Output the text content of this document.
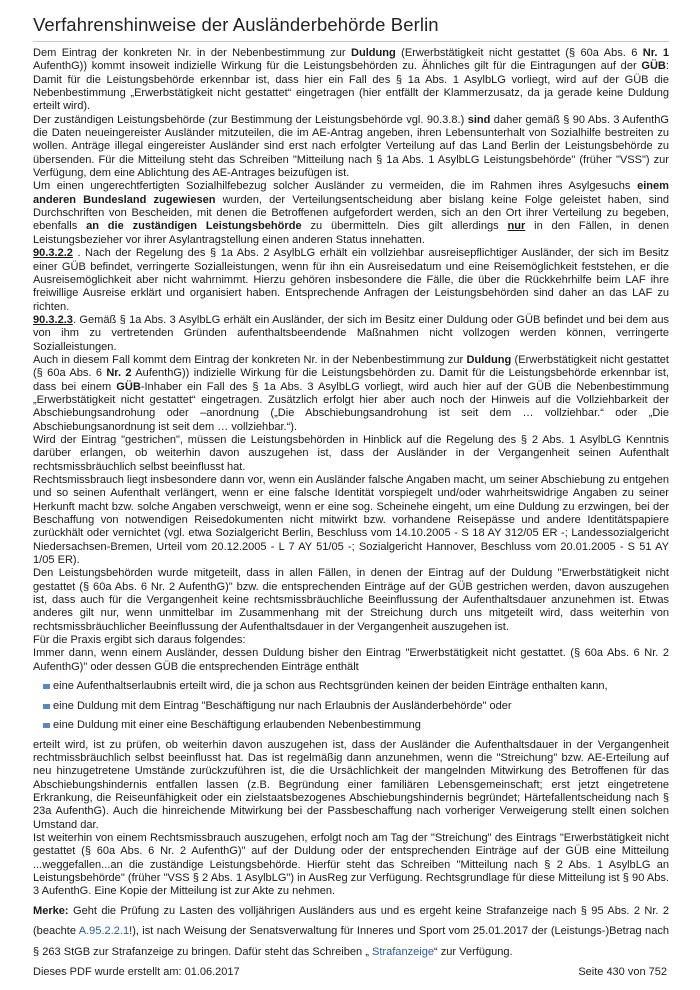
Verfahrenshinweise der Ausländerbehörde Berlin

Dem Eintrag der konkreten Nr. in der Nebenbestimmung zur Duldung (Erwerbstätigkeit nicht gestattet (§ 60a Abs. 6 Nr. 1 AufenthG)) kommt insoweit indizielle Wirkung für die Leistungsbehörden zu. Ähnliches gilt für die Eintragungen auf der GÜB: Damit für die Leistungsbehörde erkennbar ist, dass hier ein Fall des § 1a Abs. 1 AsylbLG vorliegt, wird auf der GÜB die Nebenbestimmung „Erwerbstätigkeit nicht gestattet“ eingetragen (hier entfällt der Klammerzusatz, da ja gerade keine Duldung erteilt wird).

Der zuständigen Leistungsbehörde (zur Bestimmung der Leistungsbehörde vgl. 90.3.8.) sind daher gemäß § 90 Abs. 3 AufenthG die Daten neueingereister Ausländer mitzuteilen, die im AE-Antrag angeben, ihren Lebensunterhalt von Sozialhilfe bestreiten zu wollen. Anträge illegal eingereister Ausländer sind erst nach erfolgter Verteilung auf das Land Berlin der Leistungsbehörde zu übersenden. Für die Mitteilung steht das Schreiben "Mitteilung nach § 1a Abs. 1 AsylbLG Leistungsbehörde" (früher "VSS") zur Verfügung, dem eine Ablichtung des AE-Antrages beizufügen ist.

Um einen ungerechtfertigten Sozialhilfebezug solcher Ausländer zu vermeiden, die im Rahmen ihres Asylgesuchs einem anderen Bundesland zugewiesen wurden, der Verteilungsentscheidung aber bislang keine Folge geleistet haben, sind Durchschriften von Bescheiden, mit denen die Betroffenen aufgefordert werden, sich an den Ort ihrer Verteilung zu begeben, ebenfalls an die zuständigen Leistungsbehörde zu übermitteln. Dies gilt allerdings nur in den Fällen, in denen Leistungsbezieher vor ihrer Asylantragstellung einen anderen Status innehatten.

90.3.2.2 . Nach der Regelung des § 1a Abs. 2 AsylbLG erhält ein vollziehbar ausreisepflichtiger Ausländer, der sich im Besitz einer GÜB befindet, verringerte Sozialleistungen, wenn für ihn ein Ausreisedatum und eine Reisemöglichkeit feststehen, er die Ausreisemöglichkeit aber nicht wahrnimmt. Hierzu gehören insbesondere die Fälle, die über die Rückkehrhilfe beim LAF ihre freiwillige Ausreise erklärt und organisiert haben. Entsprechende Anfragen der Leistungsbehörden sind daher an das LAF zu richten.

90.3.2.3. Gemäß § 1a Abs. 3 AsylbLG erhält ein Ausländer, der sich im Besitz einer Duldung oder GÜB befindet und bei dem aus von ihm zu vertretenden Gründen aufenthaltsbeendende Maßnahmen nicht vollzogen werden können, verringerte Sozialleistungen.

Auch in diesem Fall kommt dem Eintrag der konkreten Nr. in der Nebenbestimmung zur Duldung (Erwerbstätigkeit nicht gestattet (§ 60a Abs. 6 Nr. 2 AufenthG)) indizielle Wirkung für die Leistungsbehörden zu. Damit für die Leistungsbehörde erkennbar ist, dass bei einem GÜB-Inhaber ein Fall des § 1a Abs. 3 AsylbLG vorliegt, wird auch hier auf der GÜB die Nebenbestimmung „Erwerbstätigkeit nicht gestattet“ eingetragen. Zusätzlich erfolgt hier aber auch noch der Hinweis auf die Vollziehbarkeit der Abschiebungsandrohung oder –anordnung („Die Abschiebungsandrohung ist seit dem … vollziehbar.“ oder „Die Abschiebungsanordnung ist seit dem … vollziehbar.“).

Wird der Eintrag "gestrichen", müssen die Leistungsbehörden in Hinblick auf die Regelung des § 2 Abs. 1 AsylbLG Kenntnis darüber erlangen, ob weiterhin davon auszugehen ist, dass der Ausländer in der Vergangenheit seinen Aufenthalt rechtsmissbräuchlich selbst beeinflusst hat.

Rechtsmissbrauch liegt insbesondere dann vor, wenn ein Ausländer falsche Angaben macht, um seiner Abschiebung zu entgehen und so seinen Aufenthalt verlängert, wenn er eine falsche Identität vorspiegelt und/oder wahrheitswidrige Angaben zu seiner Herkunft macht bzw. solche Angaben verschweigt, wenn er eine sog. Scheinehe eingeht, um eine Duldung zu erzwingen, bei der Beschaffung von notwendigen Reisedokumenten nicht mitwirkt bzw. vorhandene Reisepässe und andere Identitätspapiere zurückhält oder vernichtet (vgl. etwa Sozialgericht Berlin, Beschluss vom 14.10.2005 - S 18 AY 312/05 ER -; Landessozialgericht Niedersachsen-Bremen, Urteil vom 20.12.2005 - L 7 AY 51/05 -; Sozialgericht Hannover, Beschluss vom 20.01.2005 - S 51 AY 1/05 ER).

Den Leistungsbehörden wurde mitgeteilt, dass in allen Fällen, in denen der Eintrag auf der Duldung "Erwerbstätigkeit nicht gestattet (§ 60a Abs. 6 Nr. 2 AufenthG)" bzw. die entsprechenden Einträge auf der GÜB gestrichen werden, davon auszugehen ist, dass auch für die Vergangenheit keine rechtsmissbräuchliche Beeinflussung der Aufenthaltsdauer anzunehmen ist. Etwas anderes gilt nur, wenn unmittelbar im Zusammenhang mit der Streichung durch uns mitgeteilt wird, dass weiterhin von rechtsmissbräuchlicher Beeinflussung der Aufenthaltsdauer in der Vergangenheit auszugehen ist.

Für die Praxis ergibt sich daraus folgendes:

Immer dann, wenn einem Ausländer, dessen Duldung bisher den Eintrag "Erwerbstätigkeit nicht gestattet. (§ 60a Abs. 6 Nr. 2 AufenthG)" oder dessen GÜB die entsprechenden Einträge enthält

eine Aufenthaltserlaubnis erteilt wird, die ja schon aus Rechtsgründen keinen der beiden Einträge enthalten kann,
eine Duldung mit dem Eintrag "Beschäftigung nur nach Erlaubnis der Ausländerbehörde" oder
eine Duldung mit einer eine Beschäftigung erlaubenden Nebenbestimmung

erteilt wird, ist zu prüfen, ob weiterhin davon auszugehen ist, dass der Ausländer die Aufenthaltsdauer in der Vergangenheit rechtmissbräuchlich selbst beeinflusst hat. Das ist regelmäßig dann anzunehmen, wenn die "Streichung" bzw. AE-Erteilung auf neu hinzugetretene Umstände zurückzuführen ist, die die Ursächlichkeit der mangelnden Mitwirkung des Betroffenen für das Abschiebungshindernis entfallen lassen (z.B. Begründung einer familiären Lebensgemeinschaft; erst jetzt eingetretene Erkrankung, die Reiseunfähigkeit oder ein zielstaatsbezogenes Abschiebungshindernis begründet; Härtefallentscheidung nach § 23a AufenthG). Auch die hinreichende Mitwirkung bei der Passbeschaffung nach vorheriger Verweigerung stellt einen solchen Umstand dar.

Ist weiterhin von einem Rechtsmissbrauch auszugehen, erfolgt noch am Tag der "Streichung" des Eintrags "Erwerbstätigkeit nicht gestattet (§ 60a Abs. 6 Nr. 2 AufenthG)" auf der Duldung oder der entsprechenden Einträge auf der GÜB eine Mitteilung ...weggefallen...an die zuständige Leistungsbehörde. Hierfür steht das Schreiben "Mitteilung nach § 2 Abs. 1 AsylbLG an Leistungsbehörde" (früher "VSS § 2 Abs. 1 AsylbLG") in AusReg zur Verfügung. Rechtsgrundlage für diese Mitteilung ist § 90 Abs. 3 AufenthG. Eine Kopie der Mitteilung ist zur Akte zu nehmen.

Merke: Geht die Prüfung zu Lasten des volljährigen Ausländers aus und es ergeht keine Strafanzeige nach § 95 Abs. 2 Nr. 2 (beachte A.95.2.2.1!), ist nach Weisung der Senatsverwaltung für Inneres und Sport vom 25.01.2017 der (Leistungs-)Betrag nach § 263 StGB zur Strafanzeige zu bringen. Dafür steht das Schreiben „ Strafanzeige“ zur Verfügung.

Dieses PDF wurde erstellt am: 01.06.2017	Seite 430 von 752
